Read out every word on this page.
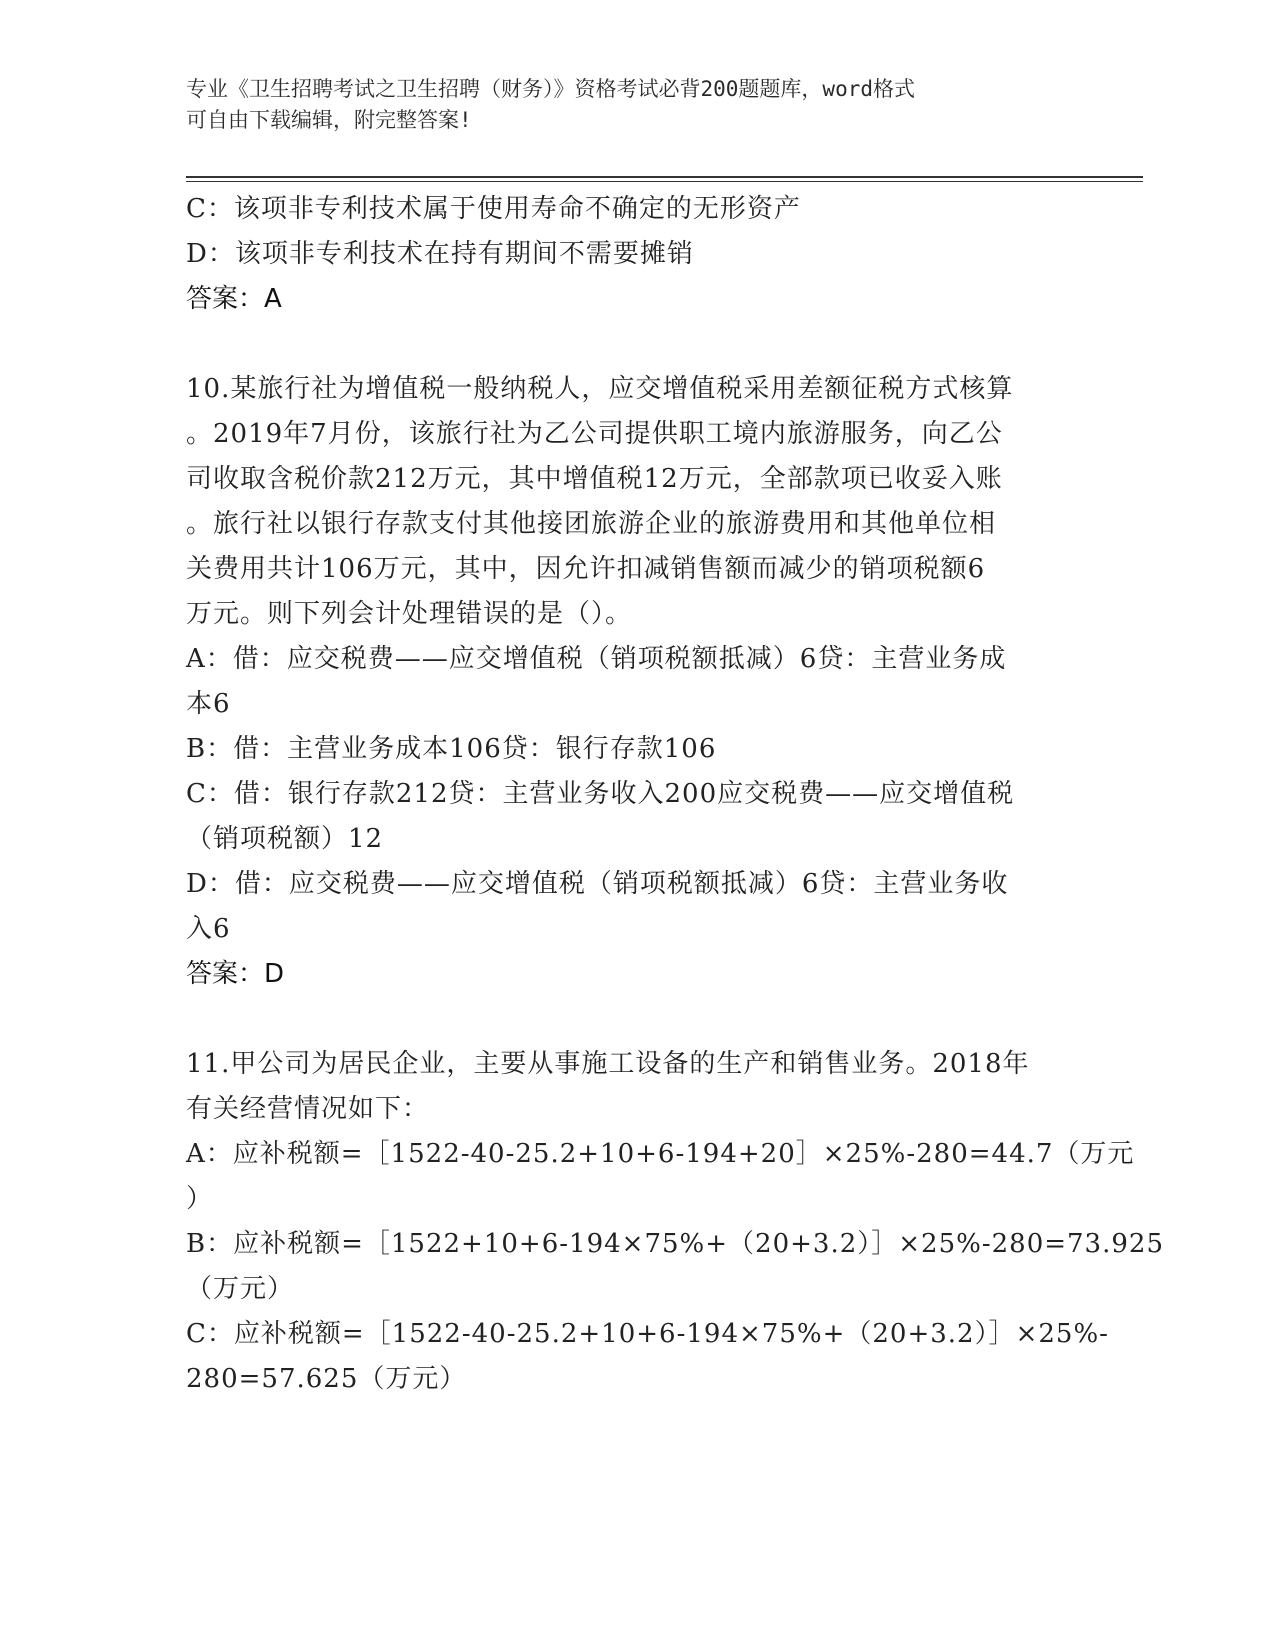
专业《卫生招聘考试之卫生招聘（财务）》资格考试必背200题题库，word格式
可自由下载编辑，附完整答案!
C：该项非专利技术属于使用寿命不确定的无形资产
D：该项非专利技术在持有期间不需要摊销
答案：A
10.某旅行社为增值税一般纳税人，应交增值税采用差额征税方式核算
。2019年7月份，该旅行社为乙公司提供职工境内旅游服务，向乙公
司收取含税价款212万元，其中增值税12万元，全部款项已收妥入账
。旅行社以银行存款支付其他接团旅游企业的旅游费用和其他单位相
关费用共计106万元，其中，因允许扣减销售额而减少的销项税额6
万元。则下列会计处理错误的是（）。
A：借：应交税费——应交增值税（销项税额抵减）6贷：主营业务成
本6
B：借：主营业务成本106贷：银行存款106
C：借：银行存款212贷：主营业务收入200应交税费——应交增值税
（销项税额）12
D：借：应交税费——应交增值税（销项税额抵减）6贷：主营业务收
入6
答案：D
11.甲公司为居民企业，主要从事施工设备的生产和销售业务。2018年
有关经营情况如下：
A：应补税额=［1522-40-25.2+10+6-194+20］×25%-280=44.7（万元
）
B：应补税额=［1522+10+6-194×75%+（20+3.2）］×25%-280=73.925
（万元）
C：应补税额=［1522-40-25.2+10+6-194×75%+（20+3.2）］×25%-
280=57.625（万元）
